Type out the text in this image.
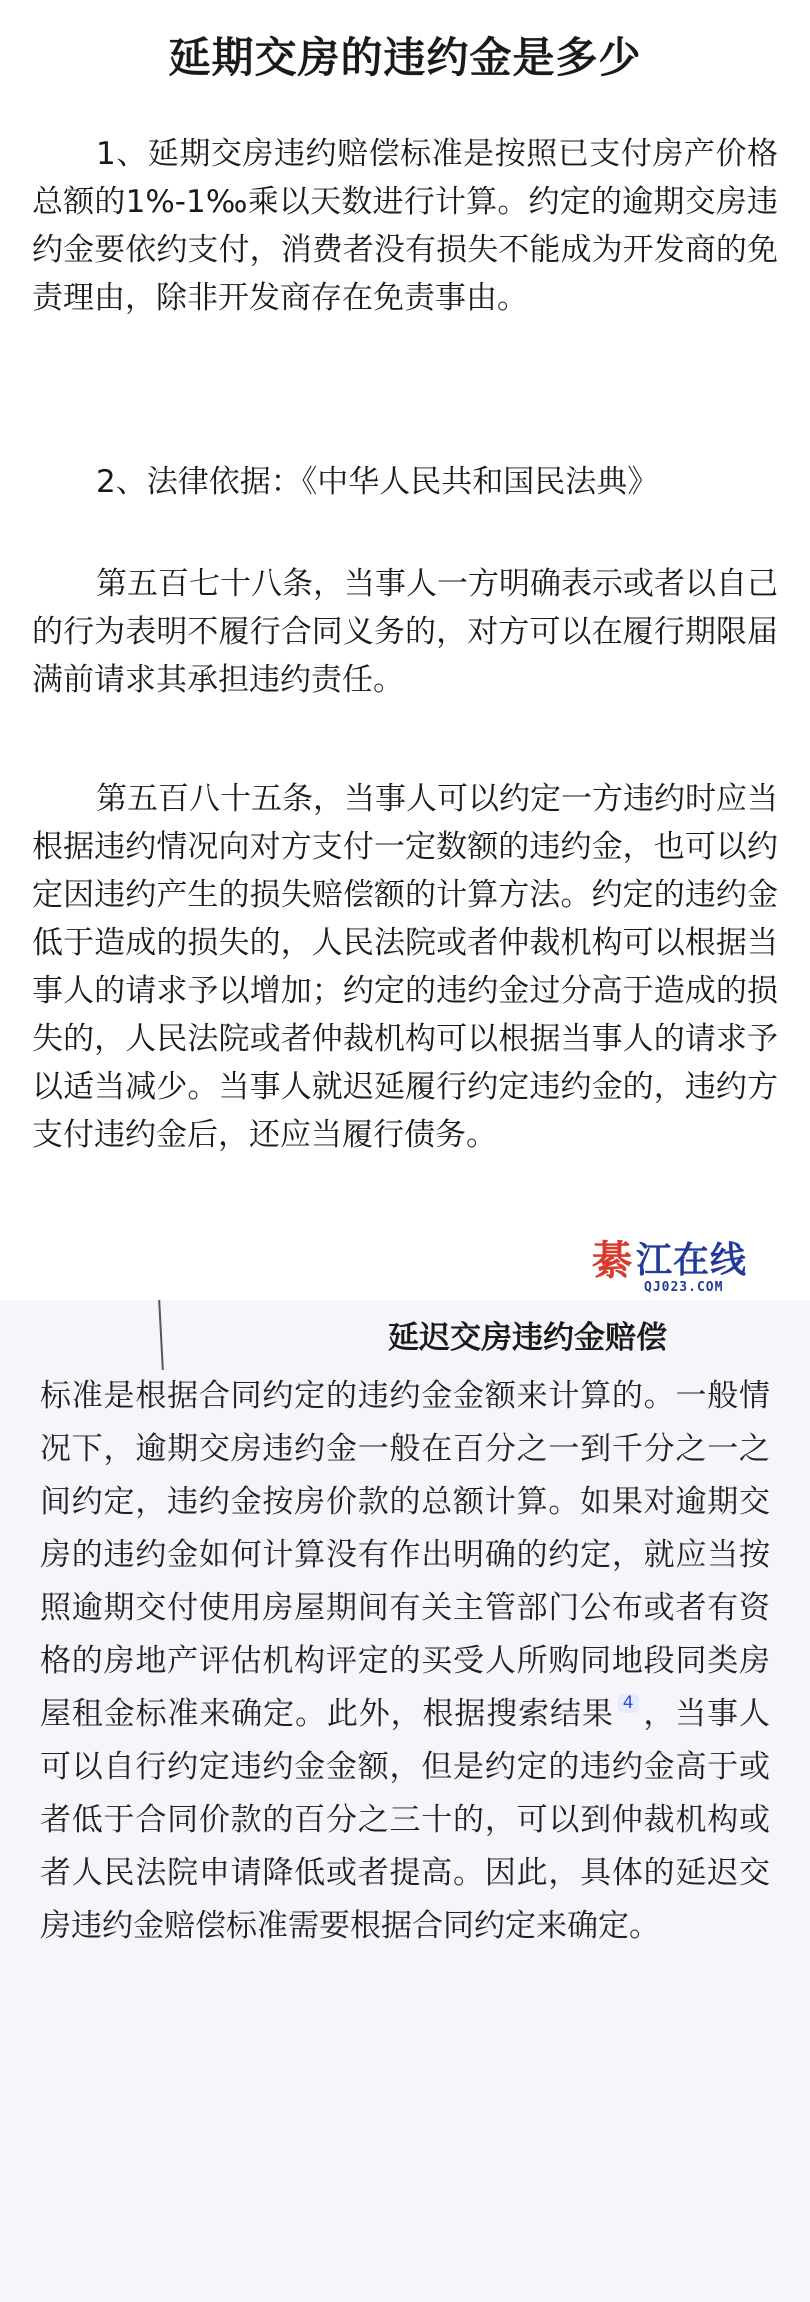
延期交房的违约金是多少

1、延期交房违约赔偿标准是按照已支付房产价格总额的1%-1‰乘以天数进行计算。约定的逾期交房违约金要依约支付，消费者没有损失不能成为开发商的免责理由，除非开发商存在免责事由。

2、法律依据：《中华人民共和国民法典》

第五百七十八条，当事人一方明确表示或者以自己的行为表明不履行合同义务的，对方可以在履行期限届满前请求其承担违约责任。

第五百八十五条，当事人可以约定一方违约时应当根据违约情况向对方支付一定数额的违约金，也可以约定因违约产生的损失赔偿额的计算方法。约定的违约金低于造成的损失的，人民法院或者仲裁机构可以根据当事人的请求予以增加；约定的违约金过分高于造成的损失的，人民法院或者仲裁机构可以根据当事人的请求予以适当减少。当事人就迟延履行约定违约金的，违约方支付违约金后，还应当履行债务。

延迟交房违约金赔偿

标准是根据合同约定的违约金金额来计算的。一般情况下，逾期交房违约金一般在百分之一到千分之一之间约定，违约金按房价款的总额计算。如果对逾期交房的违约金如何计算没有作出明确的约定，就应当按照逾期交付使用房屋期间有关主管部门公布或者有资格的房地产评估机构评定的买受人所购同地段同类房屋租金标准来确定。此外，根据搜索结果 4 ，当事人可以自行约定违约金金额，但是约定的违约金高于或者低于合同价款的百分之三十的，可以到仲裁机构或者人民法院申请降低或者提高。因此，具体的延迟交房违约金赔偿标准需要根据合同约定来确定。

綦 江在线
QJ023.COM
